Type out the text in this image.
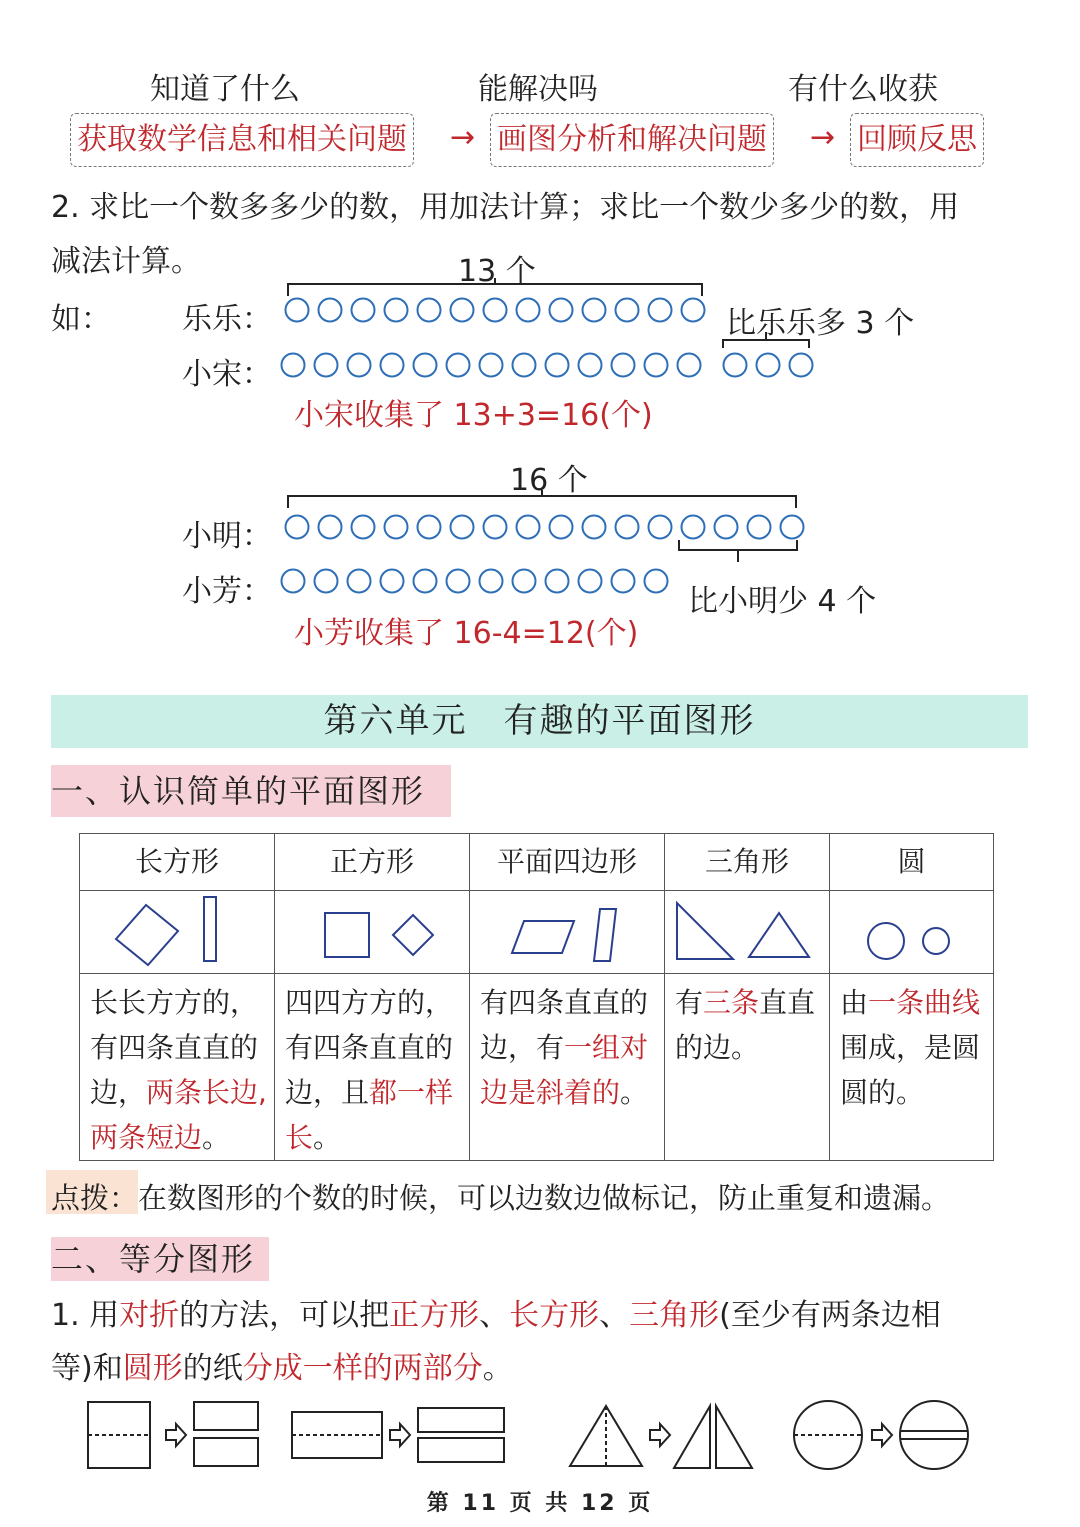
知道了什么	能解决吗	有什么收获
获取数学信息和相关问题 → 画图分析和解决问题 → 回顾反思
2. 求比一个数多多少的数，用加法计算；求比一个数少多少的数，用
减法计算。
如：
13 个
乐乐：	比乐乐多 3 个
小宋：
小宋收集了 13+3=16(个)
16 个
小明：
小芳：	比小明少 4 个
小芳收集了 16-4=12(个)
第六单元　有趣的平面图形
一、认识简单的平面图形
长方形	正方形	平面四边形	三角形	圆

长长方方的，有四条直直的边，两条长边,两条短边。	四四方方的，有四条直直的边，且都一样长。	有四条直直的边，有一组对边是斜着的。	有三条直直的边。	由一条曲线围成，是圆圆的。
点拨：在数图形的个数的时候，可以边数边做标记，防止重复和遗漏。
二、等分图形
1. 用对折的方法，可以把正方形、长方形、三角形(至少有两条边相
等)和圆形的纸分成一样的两部分。
第 11 页 共 12 页
